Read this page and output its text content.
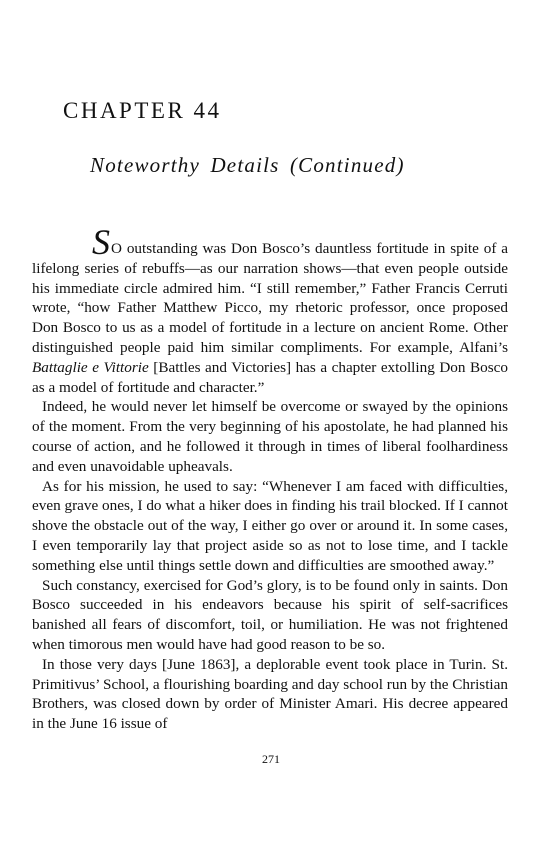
CHAPTER 44
Noteworthy Details (Continued)

SO outstanding was Don Bosco’s dauntless fortitude in spite of a lifelong series of rebuffs—as our narration shows—that even people outside his immediate circle admired him. “I still remember,” Father Francis Cerruti wrote, “how Father Matthew Picco, my rhetoric professor, once proposed Don Bosco to us as a model of fortitude in a lecture on ancient Rome. Other distinguished people paid him similar compliments. For example, Alfani’s Battaglie e Vittorie [Battles and Victories] has a chapter extolling Don Bosco as a model of fortitude and character.”

Indeed, he would never let himself be overcome or swayed by the opinions of the moment. From the very beginning of his apostolate, he had planned his course of action, and he followed it through in times of liberal foolhardiness and even unavoidable upheavals.

As for his mission, he used to say: “Whenever I am faced with difficulties, even grave ones, I do what a hiker does in finding his trail blocked. If I cannot shove the obstacle out of the way, I either go over or around it. In some cases, I even temporarily lay that project aside so as not to lose time, and I tackle something else until things settle down and difficulties are smoothed away.”

Such constancy, exercised for God’s glory, is to be found only in saints. Don Bosco succeeded in his endeavors because his spirit of self-sacrifices banished all fears of discomfort, toil, or humiliation. He was not frightened when timorous men would have had good reason to be so.

In those very days [June 1863], a deplorable event took place in Turin. St. Primitivus’ School, a flourishing boarding and day school run by the Christian Brothers, was closed down by order of Minister Amari. His decree appeared in the June 16 issue of

271
